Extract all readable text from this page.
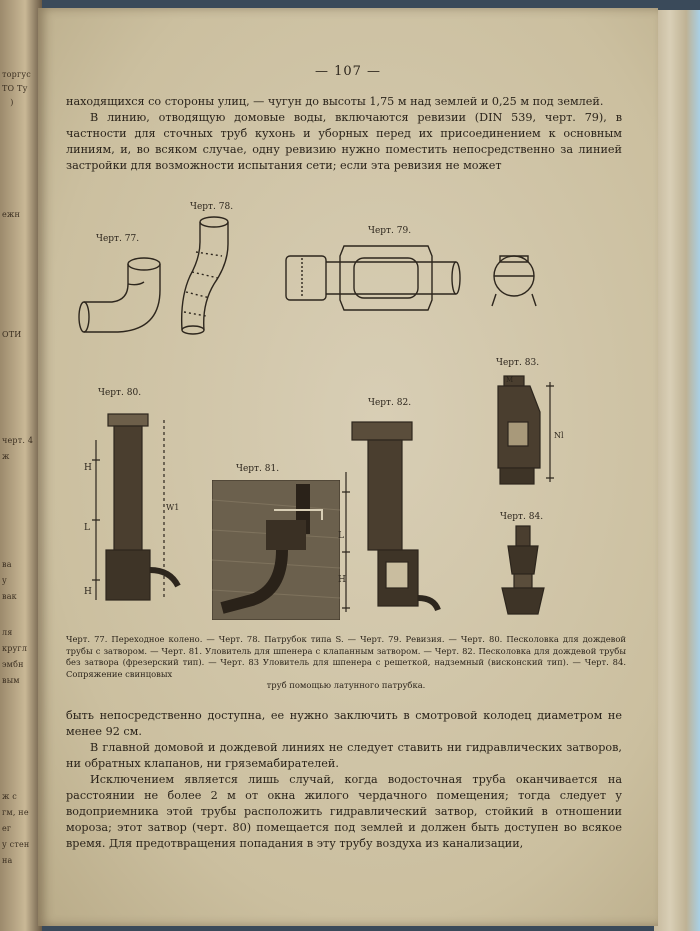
торгус
ТО Ту
)
ежн
ОТИ
черт. 4
ж
ва
у
вак
ля
кругл
эмбн
вым
ж с
гм, не
ег
у стен
на
— 107 —

находящихся со стороны улиц, — чугун до высоты 1,75 м над землей и 0,25 м под землей.

В линию, отводящую домовые воды, включаются ревизии (DIN 539, черт. 79), в частности для сточных труб кухонь и уборных перед их присоединением к основным линиям, и, во всяком случае, одну ревизию нужно поместить непосредственно за линией застройки для возможности испытания сети; если эта ревизия не может

Черт. 77.
Черт. 78.
Черт. 79.
Черт. 80.
Черт. 81.
Черт. 82.
Черт. 83.
Черт. 84.
H
L
H
W1
L
H
Nl
M
Черт. 77. Переходное колено. — Черт. 78. Патрубок типа S. — Черт. 79. Ревизия. — Черт. 80. Песколовка для дождевой трубы с затвором. — Черт. 81. Уловитель для шпенера с клапанным затвором. — Черт. 82. Песколовка для дождевой трубы без затвора (фрезерский тип). — Черт. 83 Уловитель для шпенера с решеткой, надземный (висконский тип). — Черт. 84. Сопряжение свинцовых
труб помощью латунного патрубка.

быть непосредственно доступна, ее нужно заключить в смотровой колодец диаметром не менее 92 см.

В главной домовой и дождевой линиях не следует ставить ни гидравлических затворов, ни обратных клапанов, ни гряземабирателей.

Исключением является лишь случай, когда водосточная труба оканчивается на расстоянии не более 2 м от окна жилого чердачного помещения; тогда следует у водоприемника этой трубы расположить гидравлический затвор, стойкий в отношении мороза; этот затвор (черт. 80) помещается под землей и должен быть доступен во всякое время. Для предотвращения попадания в эту трубу воздуха из канализации,
